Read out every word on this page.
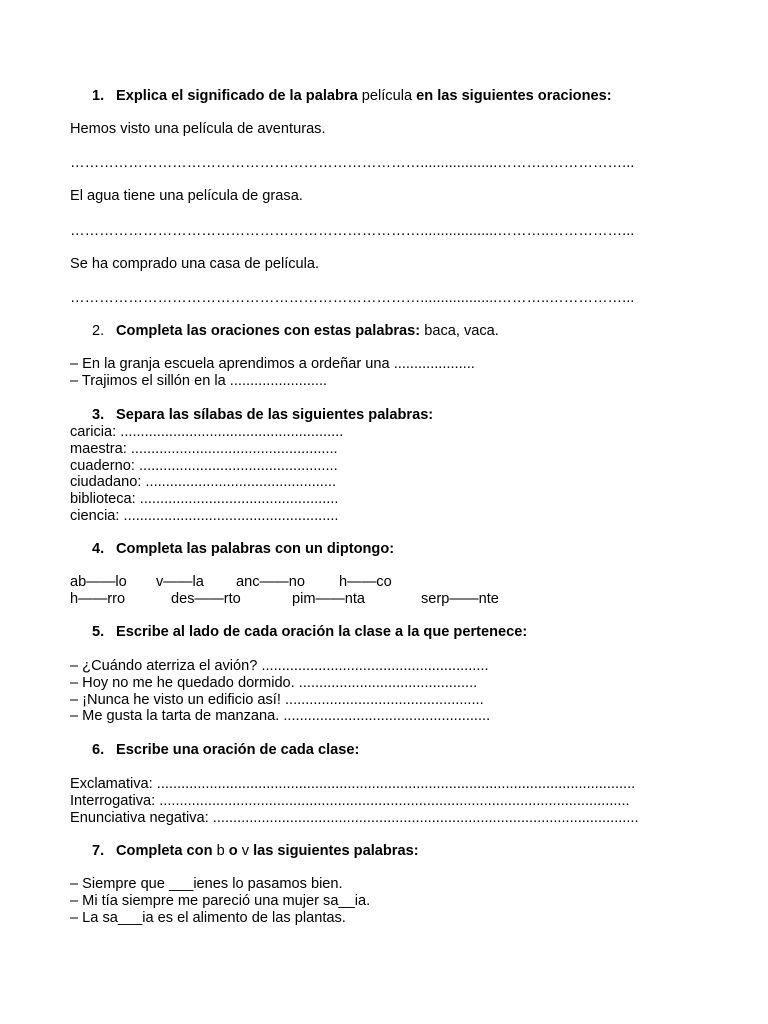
1. Explica el significado de la palabra película en las siguientes oraciones:
Hemos visto una película de aventuras.
………………………………………………………………...................………..……………...
El agua tiene una película de grasa.
………………………………………………………………...................………..……………...
Se ha comprado una casa de película.
………………………………………………………………...................………..……………...
2. Completa las oraciones con estas palabras: baca, vaca.
– En la granja escuela aprendimos a ordeñar una ....................
– Trajimos el sillón en la ........................
3. Separa las sílabas de las siguientes palabras:
caricia: .......................................................
maestra: ...................................................
cuaderno: .................................................
ciudadano: ...............................................
biblioteca: .................................................
ciencia: .....................................................
4. Completa las palabras con un diptongo:
ab——lo v——la anc——no h——co
h——rro	des——rto	pim——nta	serp——nte
5. Escribe al lado de cada oración la clase a la que pertenece:
– ¿Cuándo aterriza el avión? ........................................................
– Hoy no me he quedado dormido. ............................................
– ¡Nunca he visto un edificio así! .................................................
– Me gusta la tarta de manzana. ...................................................
6. Escribe una oración de cada clase:
Exclamativa: ......................................................................................................................
Interrogativa: ....................................................................................................................
Enunciativa negativa: .........................................................................................................
7. Completa con b o v las siguientes palabras:
– Siempre que ___ienes lo pasamos bien.
– Mi tía siempre me pareció una mujer sa__ia.
– La sa___ia es el alimento de las plantas.
